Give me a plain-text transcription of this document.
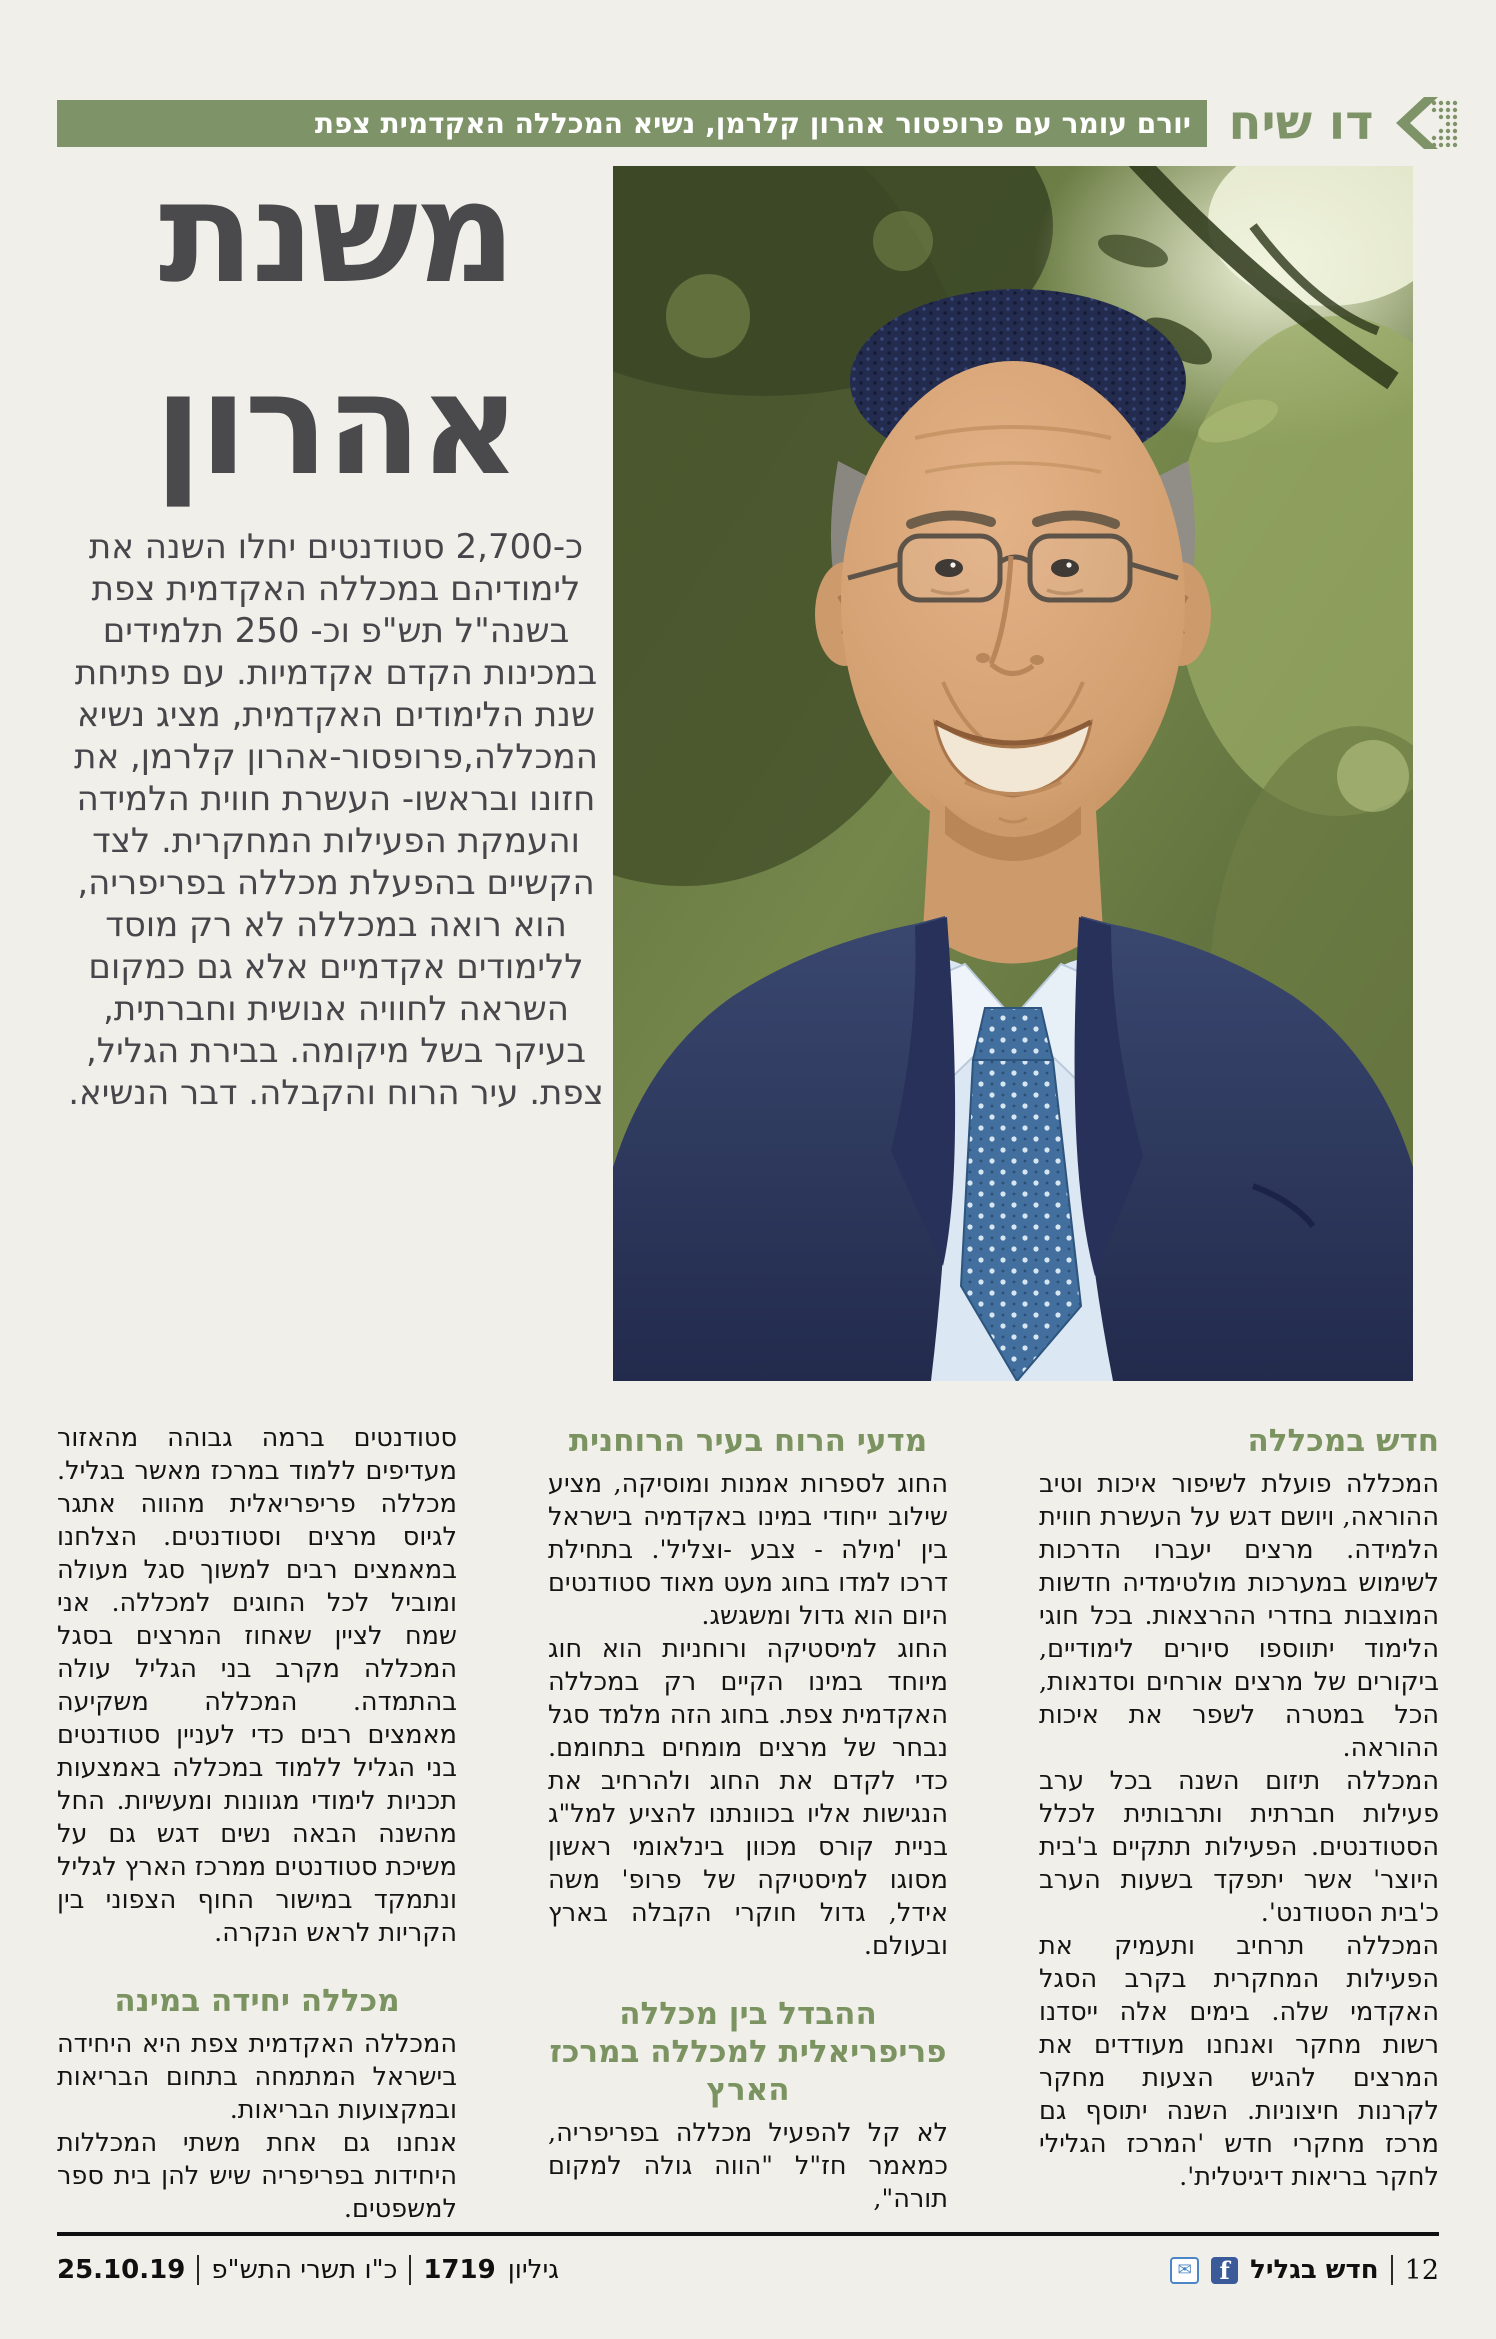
יורם עומר עם פרופסור אהרון קלרמן, נשיא המכללה האקדמית צפת דו שיח
משנת
אהרון
כ-2,700 סטודנטים יחלו השנה את לימודיהם במכללה האקדמית צפת בשנה"ל תש"פ וכ- 250 תלמידים במכינות הקדם אקדמיות. עם פתיחת שנת הלימודים האקדמית, מציג נשיא המכללה,פרופסור-אהרון קלרמן, את חזונו ובראשו- העשרת חווית הלמידה והעמקת הפעילות המחקרית. לצד הקשיים בהפעלת מכללה בפריפריה, הוא רואה במכללה לא רק מוסד ללימודים אקדמיים אלא גם כמקום השראה לחוויה אנושית וחברתית, בעיקר בשל מיקומה. בבירת הגליל, צפת. עיר הרוח והקבלה. דבר הנשיא.
חדש במכללה

המכללה פועלת לשיפור איכות וטיב ההוראה, ויושם דגש על העשרת חווית הלמידה. מרצים יעברו הדרכות לשימוש במערכות מולטימדיה חדשות המוצבות בחדרי ההרצאות. בכל חוגי הלימוד יתווספו סיורים לימודיים, ביקורים של מרצים אורחים וסדנאות, הכל במטרה לשפר את איכות ההוראה.

המכללה תיזום השנה בכל ערב פעילות חברתית ותרבותית לכלל הסטודנטים. הפעילות תתקיים ב'בית היוצר' אשר יתפקד בשעות הערב כ'בית הסטודנט'.

המכללה תרחיב ותעמיק את הפעילות המחקרית בקרב הסגל האקדמי שלה. בימים אלה ייסדנו רשות מחקר ואנחנו מעודדים את המרצים להגיש הצעות מחקר לקרנות חיצוניות. השנה יתוסף גם מרכז מחקרי חדש 'המרכז הגלילי לחקר בריאות דיגיטלית'.

מדעי הרוח בעיר הרוחנית

החוג לספרות אמנות ומוסיקה, מציע שילוב ייחודי במינו באקדמיה בישראל בין 'מילה - צבע -וצליל'. בתחילת דרכו למדו בחוג מעט מאוד סטודנטים היום הוא גדול ומשגשג.

החוג למיסטיקה ורוחניות הוא חוג מיוחד במינו הקיים רק במכללה האקדמית צפת. בחוג הזה מלמד סגל נבחר של מרצים מומחים בתחומם. כדי לקדם את החוג ולהרחיב את הנגישות אליו בכוונתנו להציע למל"ג בניית קורס מכוון בינלאומי ראשון מסוגו למיסטיקה של פרופ' משה אידל, גדול חוקרי הקבלה בארץ ובעולם.

ההבדל בין מכללה פריפריאלית למכללה במרכז הארץ

לא קל להפעיל מכללה בפריפריה, כמאמר חז"ל "הווה גולה למקום תורה",

סטודנטים ברמה גבוהה מהאזור מעדיפים ללמוד במרכז מאשר בגליל. מכללה פריפריאלית מהווה אתגר לגיוס מרצים וסטודנטים. הצלחנו במאמצים רבים למשוך סגל מעולה ומוביל לכל החוגים למכללה. אני שמח לציין שאחוז המרצים בסגל המכללה מקרב בני הגליל עולה בהתמדה. המכללה משקיעה מאמצים רבים כדי לעניין סטודנטים בני הגליל ללמוד במכללה באמצעות תכניות לימודי מגוונות ומעשיות. החל מהשנה הבאה נשים דגש גם על משיכת סטודנטים ממרכז הארץ לגליל ונתמקד במישור החוף הצפוני בין הקריות לראש הנקרה.

מכללה יחידה במינה

המכללה האקדמית צפת היא היחידה בישראל המתמחה בתחום הבריאות ובמקצועות הבריאות.

אנחנו גם אחת משתי המכללות היחידות בפריפריה שיש להן בית ספר למשפטים.

12
חדש בגליל
f
✉
גיליון
1719
כ"ו תשרי התש"פ
25.10.19
